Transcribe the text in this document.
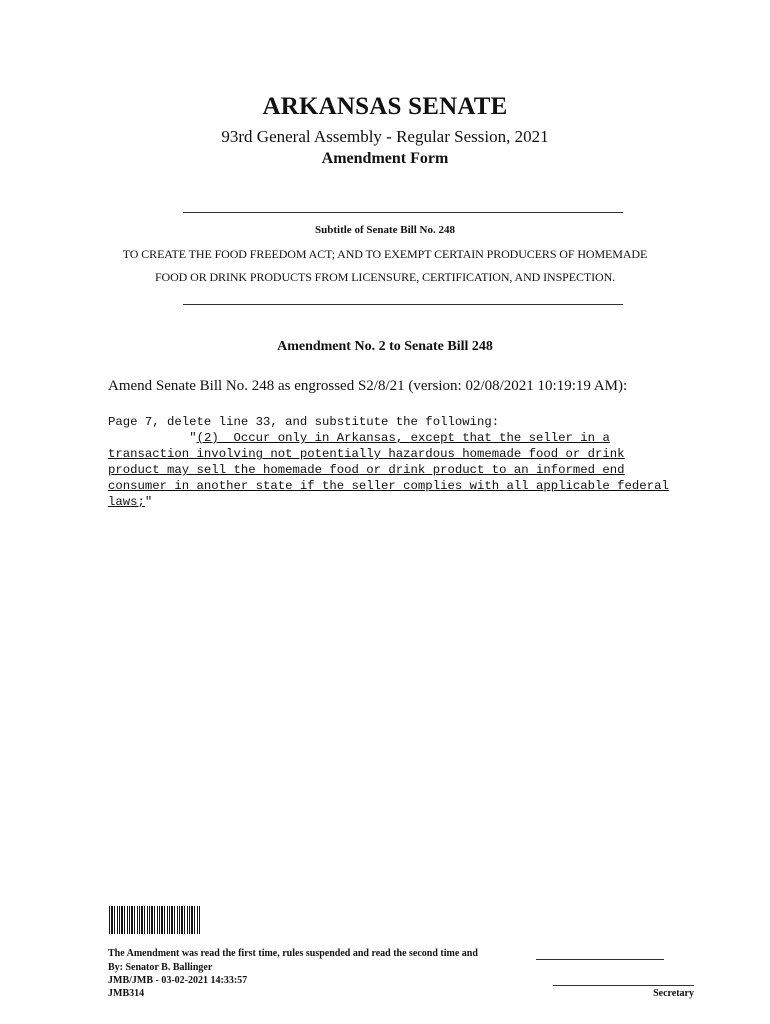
ARKANSAS SENATE
93rd General Assembly - Regular Session, 2021
Amendment Form
Subtitle of Senate Bill No. 248
TO CREATE THE FOOD FREEDOM ACT; AND TO EXEMPT CERTAIN PRODUCERS OF HOMEMADE
FOOD OR DRINK PRODUCTS FROM LICENSURE, CERTIFICATION, AND INSPECTION.
Amendment No. 2 to Senate Bill 248
Amend Senate Bill No. 248 as engrossed S2/8/21 (version: 02/08/2021 10:19:19 AM):
Page 7, delete line 33, and substitute the following:
"(2)  Occur only in Arkansas, except that the seller in a
transaction involving not potentially hazardous homemade food or drink
product may sell the homemade food or drink product to an informed end
consumer in another state if the seller complies with all applicable federal
laws;"
The Amendment was read the first time, rules suspended and read the second time and
By: Senator B. Ballinger
JMB/JMB - 03-02-2021 14:33:57
JMB314	Secretary
